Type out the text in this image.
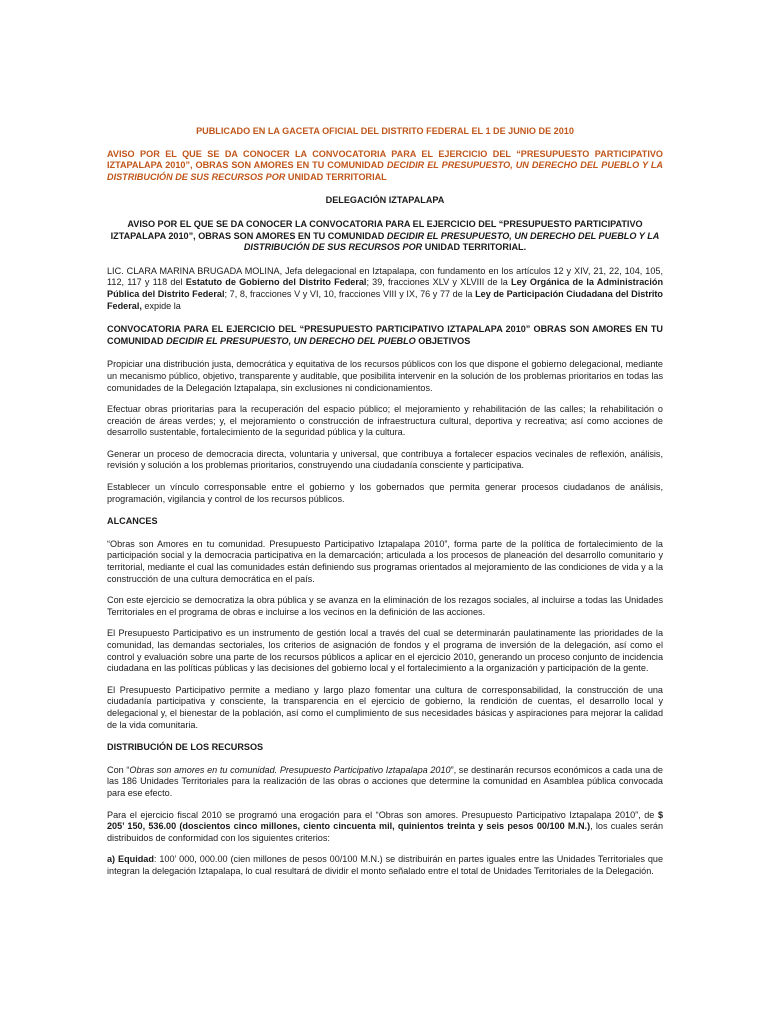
PUBLICADO EN LA GACETA OFICIAL DEL DISTRITO FEDERAL EL 1 DE JUNIO DE 2010

AVISO POR EL QUE SE DA CONOCER LA CONVOCATORIA PARA EL EJERCICIO DEL “PRESUPUESTO PARTICIPATIVO IZTAPALAPA 2010”, OBRAS SON AMORES EN TU COMUNIDAD DECIDIR EL PRESUPUESTO, UN DERECHO DEL PUEBLO Y LA DISTRIBUCIÓN DE SUS RECURSOS POR UNIDAD TERRITORIAL

DELEGACIÓN IZTAPALAPA

AVISO POR EL QUE SE DA CONOCER LA CONVOCATORIA PARA EL EJERCICIO DEL “PRESUPUESTO PARTICIPATIVO IZTAPALAPA 2010”, OBRAS SON AMORES EN TU COMUNIDAD DECIDIR EL PRESUPUESTO, UN DERECHO DEL PUEBLO Y LA DISTRIBUCIÓN DE SUS RECURSOS POR UNIDAD TERRITORIAL.

LIC. CLARA MARINA BRUGADA MOLINA, Jefa delegacional en Iztapalapa, con fundamento en los artículos 12 y XIV, 21, 22, 104, 105, 112, 117 y 118 del Estatuto de Gobierno del Distrito Federal; 39, fracciones XLV y XLVIII de la Ley Orgánica de la Administración Pública del Distrito Federal; 7, 8, fracciones V y VI, 10, fracciones VIII y IX, 76 y 77 de la Ley de Participación Ciudadana del Distrito Federal, expide la

CONVOCATORIA PARA EL EJERCICIO DEL “PRESUPUESTO PARTICIPATIVO IZTAPALAPA 2010” OBRAS SON AMORES EN TU COMUNIDAD DECIDIR EL PRESUPUESTO, UN DERECHO DEL PUEBLO OBJETIVOS

Propiciar una distribución justa, democrática y equitativa de los recursos públicos con los que dispone el gobierno delegacional, mediante un mecanismo público, objetivo, transparente y auditable, que posibilita intervenir en la solución de los problemas prioritarios en todas las comunidades de la Delegación Iztapalapa, sin exclusiones ni condicionamientos.

Efectuar obras prioritarias para la recuperación del espacio público; el mejoramiento y rehabilitación de las calles; la rehabilitación o creación de áreas verdes; y, el mejoramiento o construcción de infraestructura cultural, deportiva y recreativa; así como acciones de desarrollo sustentable, fortalecimiento de la seguridad pública y la cultura.

Generar un proceso de democracia directa, voluntaria y universal, que contribuya a fortalecer espacios vecinales de reflexión, análisis, revisión y solución a los problemas prioritarios, construyendo una ciudadanía consciente y participativa.

Establecer un vínculo corresponsable entre el gobierno y los gobernados que permita generar procesos ciudadanos de análisis, programación, vigilancia y control de los recursos públicos.

ALCANCES

“Obras son Amores en tu comunidad. Presupuesto Participativo Iztapalapa 2010”, forma parte de la política de fortalecimiento de la participación social y la democracia participativa en la demarcación; articulada a los procesos de planeación del desarrollo comunitario y territorial, mediante el cual las comunidades están definiendo sus programas orientados al mejoramiento de las condiciones de vida y a la construcción de una cultura democrática en el país.

Con este ejercicio se democratiza la obra pública y se avanza en la eliminación de los rezagos sociales, al incluirse a todas las Unidades Territoriales en el programa de obras e incluirse a los vecinos en la definición de las acciones.

El Presupuesto Participativo es un instrumento de gestión local a través del cual se determinarán paulatinamente las prioridades de la comunidad, las demandas sectoriales, los criterios de asignación de fondos y el programa de inversión de la delegación, así como el control y evaluación sobre una parte de los recursos públicos a aplicar en el ejercicio 2010, generando un proceso conjunto de incidencia ciudadana en las políticas públicas y las decisiones del gobierno local y el fortalecimiento a la organización y participación de la gente.

El Presupuesto Participativo permite a mediano y largo plazo fomentar una cultura de corresponsabilidad, la construcción de una ciudadanía participativa y consciente, la transparencia en el ejercicio de gobierno, la rendición de cuentas, el desarrollo local y delegacional y, el bienestar de la población, así como el cumplimiento de sus necesidades básicas y aspiraciones para mejorar la calidad de la vida comunitaria.

DISTRIBUCIÓN DE LOS RECURSOS

Con “Obras son amores en tu comunidad. Presupuesto Participativo Iztapalapa 2010”, se destinarán recursos económicos a cada una de las 186 Unidades Territoriales para la realización de las obras o acciones que determine la comunidad en Asamblea pública convocada para ese efecto.

Para el ejercicio fiscal 2010 se programó una erogación para el “Obras son amores. Presupuesto Participativo Iztapalapa 2010”, de $ 205’ 150, 536.00 (doscientos cinco millones, ciento cincuenta mil, quinientos treinta y seis pesos 00/100 M.N.), los cuales serán distribuidos de conformidad con los siguientes criterios:

a) Equidad: 100’ 000, 000.00 (cien millones de pesos 00/100 M.N.) se distribuirán en partes iguales entre las Unidades Territoriales que integran la delegación Iztapalapa, lo cual resultará de dividir el monto señalado entre el total de Unidades Territoriales de la Delegación.
